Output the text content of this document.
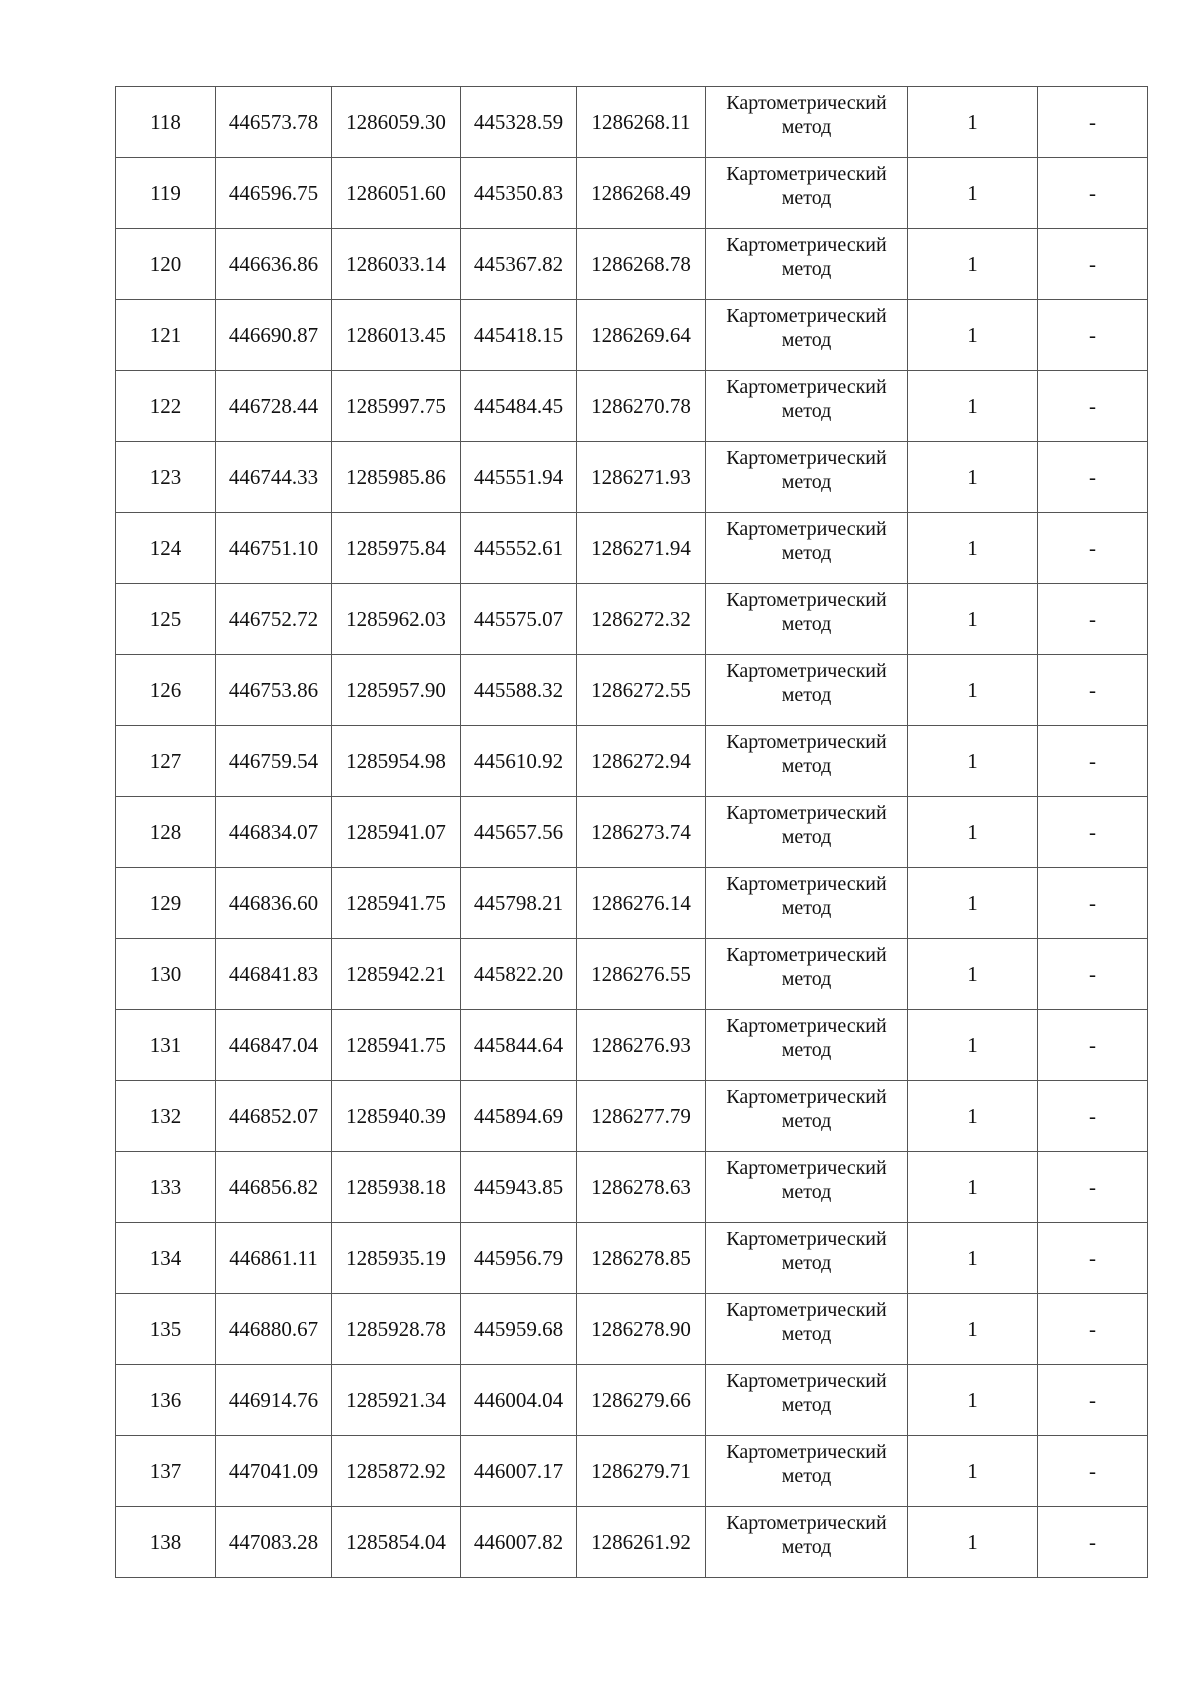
118	446573.78	1286059.30	445328.59	1286268.11	Картометрический метод	1	-
119	446596.75	1286051.60	445350.83	1286268.49	Картометрический метод	1	-
120	446636.86	1286033.14	445367.82	1286268.78	Картометрический метод	1	-
121	446690.87	1286013.45	445418.15	1286269.64	Картометрический метод	1	-
122	446728.44	1285997.75	445484.45	1286270.78	Картометрический метод	1	-
123	446744.33	1285985.86	445551.94	1286271.93	Картометрический метод	1	-
124	446751.10	1285975.84	445552.61	1286271.94	Картометрический метод	1	-
125	446752.72	1285962.03	445575.07	1286272.32	Картометрический метод	1	-
126	446753.86	1285957.90	445588.32	1286272.55	Картометрический метод	1	-
127	446759.54	1285954.98	445610.92	1286272.94	Картометрический метод	1	-
128	446834.07	1285941.07	445657.56	1286273.74	Картометрический метод	1	-
129	446836.60	1285941.75	445798.21	1286276.14	Картометрический метод	1	-
130	446841.83	1285942.21	445822.20	1286276.55	Картометрический метод	1	-
131	446847.04	1285941.75	445844.64	1286276.93	Картометрический метод	1	-
132	446852.07	1285940.39	445894.69	1286277.79	Картометрический метод	1	-
133	446856.82	1285938.18	445943.85	1286278.63	Картометрический метод	1	-
134	446861.11	1285935.19	445956.79	1286278.85	Картометрический метод	1	-
135	446880.67	1285928.78	445959.68	1286278.90	Картометрический метод	1	-
136	446914.76	1285921.34	446004.04	1286279.66	Картометрический метод	1	-
137	447041.09	1285872.92	446007.17	1286279.71	Картометрический метод	1	-
138	447083.28	1285854.04	446007.82	1286261.92	Картометрический метод	1	-
